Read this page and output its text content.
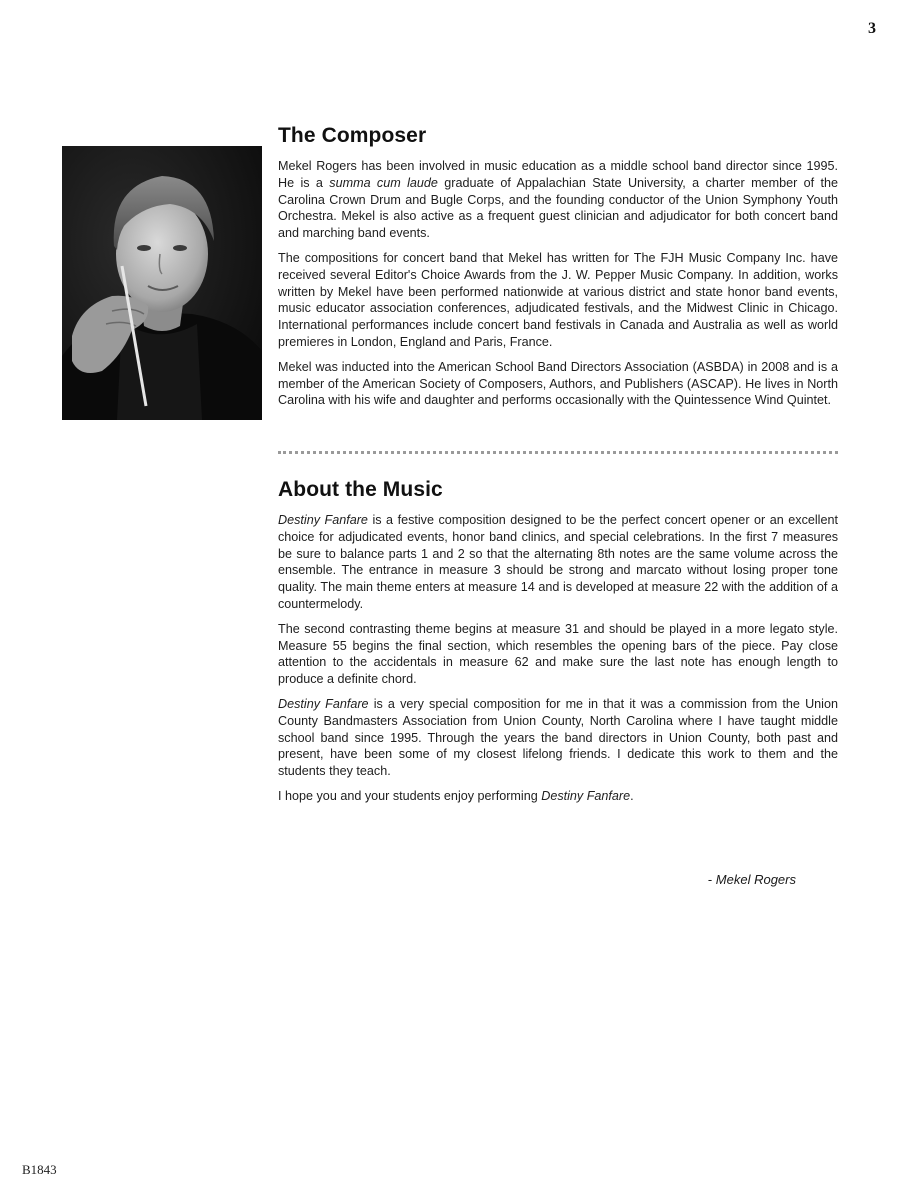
3
The Composer

Mekel Rogers has been involved in music education as a middle school band director since 1995. He is a summa cum laude graduate of Appalachian State University, a charter member of the Carolina Crown Drum and Bugle Corps, and the founding conductor of the Union Symphony Youth Orchestra. Mekel is also active as a frequent guest clinician and adjudicator for both concert band and marching band events.

The compositions for concert band that Mekel has written for The FJH Music Company Inc. have received several Editor's Choice Awards from the J. W. Pepper Music Company. In addition, works written by Mekel have been performed nationwide at various district and state honor band events, music educator association conferences, adjudicated festivals, and the Midwest Clinic in Chicago. International performances include concert band festivals in Canada and Australia as well as world premieres in London, England and Paris, France.

Mekel was inducted into the American School Band Directors Association (ASBDA) in 2008 and is a member of the American Society of Composers, Authors, and Publishers (ASCAP). He lives in North Carolina with his wife and daughter and performs occasionally with the Quintessence Wind Quintet.

About the Music

Destiny Fanfare is a festive composition designed to be the perfect concert opener or an excellent choice for adjudicated events, honor band clinics, and special celebrations. In the first 7 measures be sure to balance parts 1 and 2 so that the alternating 8th notes are the same volume across the ensemble. The entrance in measure 3 should be strong and marcato without losing proper tone quality. The main theme enters at measure 14 and is developed at measure 22 with the addition of a countermelody.

The second contrasting theme begins at measure 31 and should be played in a more legato style. Measure 55 begins the final section, which resembles the opening bars of the piece. Pay close attention to the accidentals in measure 62 and make sure the last note has enough length to produce a definite chord.

Destiny Fanfare is a very special composition for me in that it was a commission from the Union County Bandmasters Association from Union County, North Carolina where I have taught middle school band since 1995. Through the years the band directors in Union County, both past and present, have been some of my closest lifelong friends. I dedicate this work to them and the students they teach.

I hope you and your students enjoy performing Destiny Fanfare.

- Mekel Rogers
B1843
